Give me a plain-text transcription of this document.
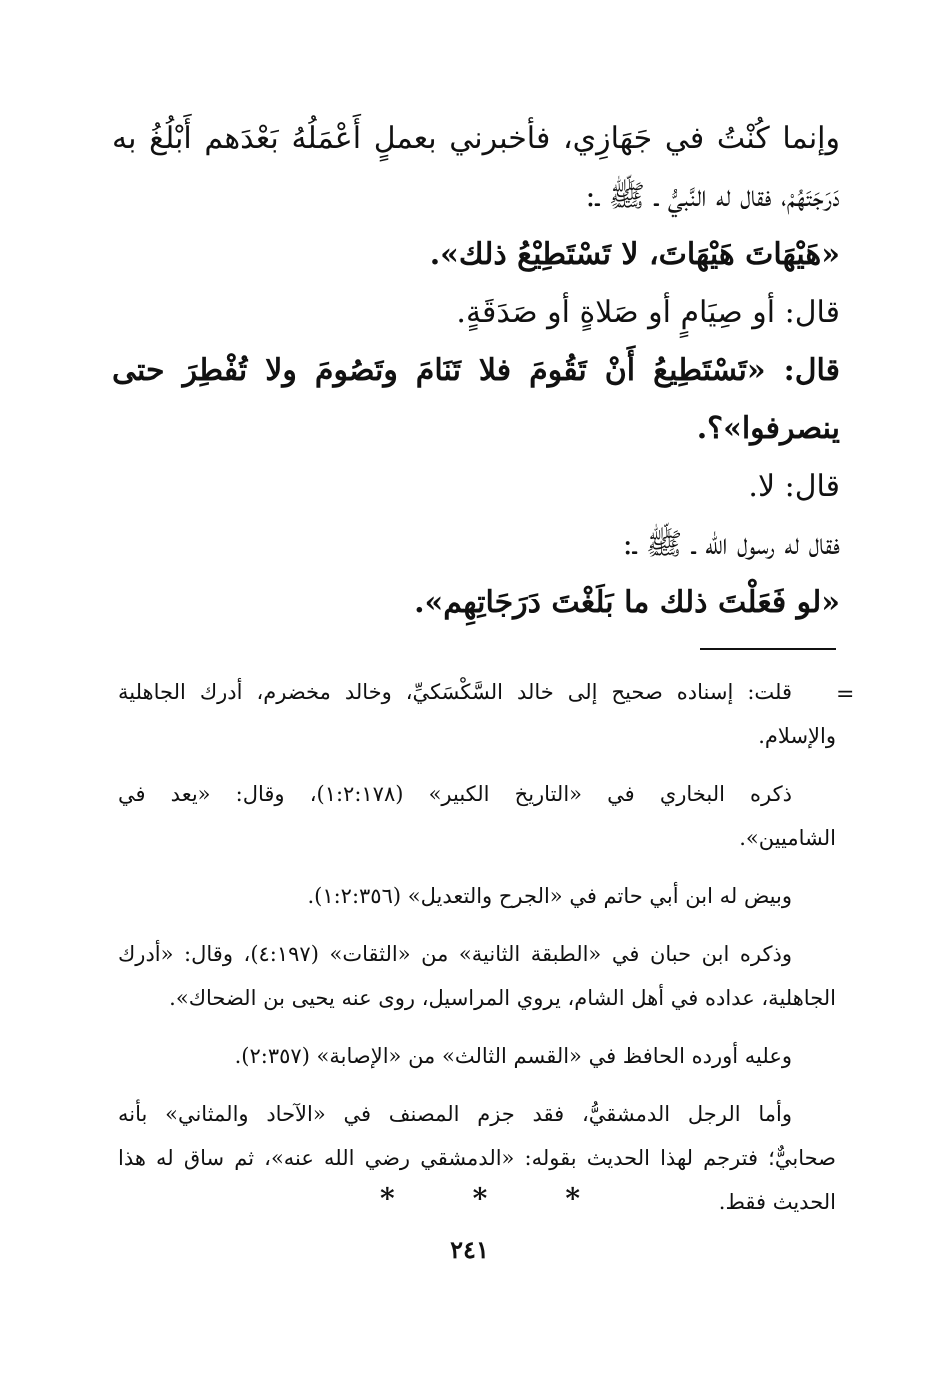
وإنما كُنْتُ في جَهَازِي، فأخبرني بعملٍ أَعْمَلُهُ بَعْدَهم أَبْلُغُ به
دَرَجَتَهُمْ، فقال له النَّبيُّ ـ ﷺ ـ:
«هَيْهَاتَ هَيْهَاتَ، لا تَسْتَطِيْعُ ذلك».
قال: أو صِيَامٍ أو صَلاةٍ أو صَدَقَةٍ.
قال: «تَسْتَطِيعُ أَنْ تَقُومَ فلا تَنَامَ وتَصُومَ ولا تُفْطِرَ حتى
ينصرفوا»؟.
قال: لا.
فقال له رسول الله ـ ﷺ ـ:
«لو فَعَلْتَ ذلك ما بَلَغْتَ دَرَجَاتِهِم».
=
قلت: إسناده صحيح إلى خالد السَّكْسَكيِّ، وخالد مخضرم، أدرك الجاهلية
والإسلام.
ذكره البخاري في «التاريخ الكبير» (١:٢:١٧٨)، وقال: «يعد في
الشاميين».
وبيض له ابن أبي حاتم في «الجرح والتعديل» (١:٢:٣٥٦).
وذكره ابن حبان في «الطبقة الثانية» من «الثقات» (٤:١٩٧)، وقال: «أدرك
الجاهلية، عداده في أهل الشام، يروي المراسيل، روى عنه يحيى بن الضحاك».
وعليه أورده الحافظ في «القسم الثالث» من «الإصابة» (٢:٣٥٧).
وأما الرجل الدمشقيُّ، فقد جزم المصنف في «الآحاد والمثاني» بأنه
صحابيٌّ؛ فترجم لهذا الحديث بقوله: «الدمشقي رضي الله عنه»، ثم ساق له هذا
الحديث فقط.
*	*	*
٢٤١
